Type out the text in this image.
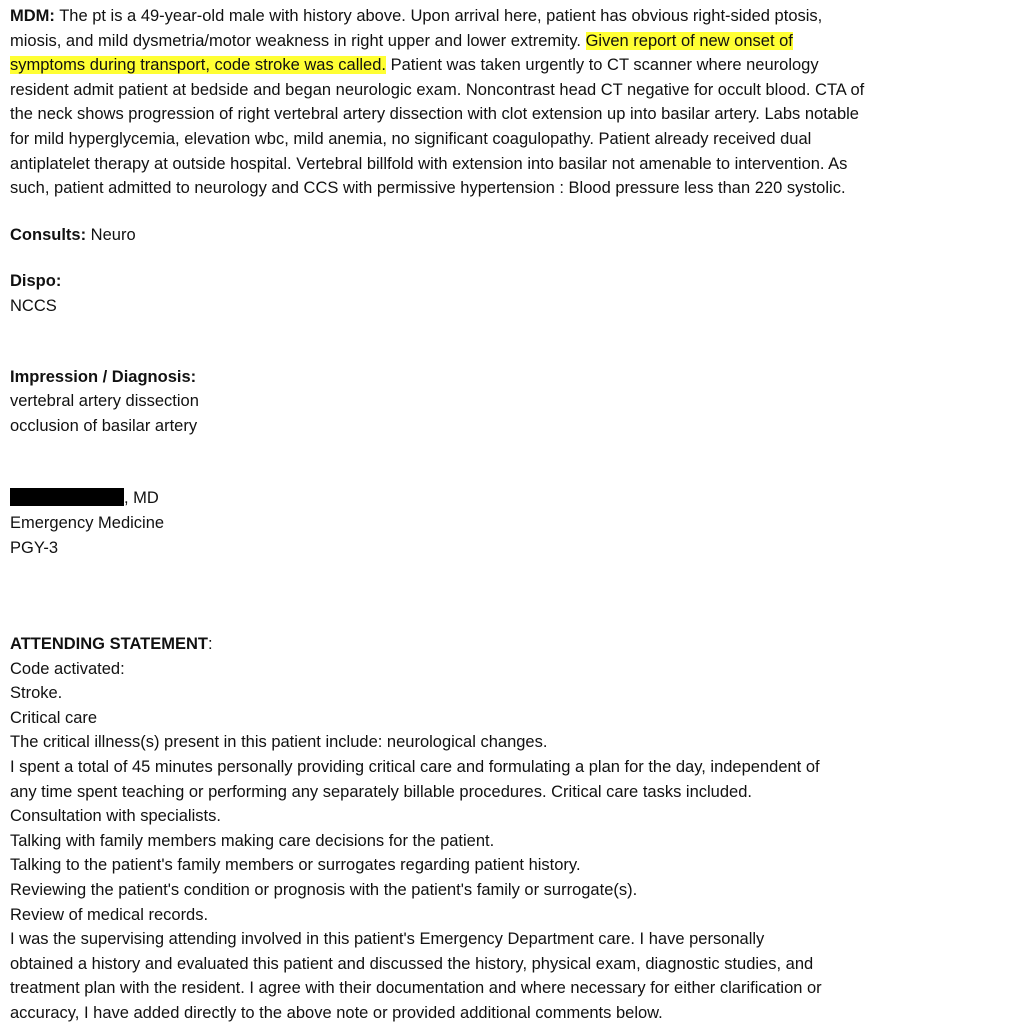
MDM: The pt is a 49-year-old male with history above. Upon arrival here, patient has obvious right-sided ptosis,
miosis, and mild dysmetria/motor weakness in right upper and lower extremity. Given report of new onset of
symptoms during transport, code stroke was called. Patient was taken urgently to CT scanner where neurology
resident admit patient at bedside and began neurologic exam. Noncontrast head CT negative for occult blood. CTA of
the neck shows progression of right vertebral artery dissection with clot extension up into basilar artery. Labs notable
for mild hyperglycemia, elevation wbc, mild anemia, no significant coagulopathy. Patient already received dual
antiplatelet therapy at outside hospital. Vertebral billfold with extension into basilar not amenable to intervention. As
such, patient admitted to neurology and CCS with permissive hypertension : Blood pressure less than 220 systolic.
Consults: Neuro
Dispo:
NCCS
Impression / Diagnosis:
vertebral artery dissection
occlusion of basilar artery
, MD
Emergency Medicine
PGY-3
ATTENDING STATEMENT:
Code activated:
Stroke.
Critical care
The critical illness(s) present in this patient include: neurological changes.
I spent a total of 45 minutes personally providing critical care and formulating a plan for the day, independent of
any time spent teaching or performing any separately billable procedures. Critical care tasks included.
Consultation with specialists.
Talking with family members making care decisions for the patient.
Talking to the patient's family members or surrogates regarding patient history.
Reviewing the patient's condition or prognosis with the patient's family or surrogate(s).
Review of medical records.
I was the supervising attending involved in this patient's Emergency Department care. I have personally
obtained a history and evaluated this patient and discussed the history, physical exam, diagnostic studies, and
treatment plan with the resident. I agree with their documentation and where necessary for either clarification or
accuracy, I have added directly to the above note or provided additional comments below.
